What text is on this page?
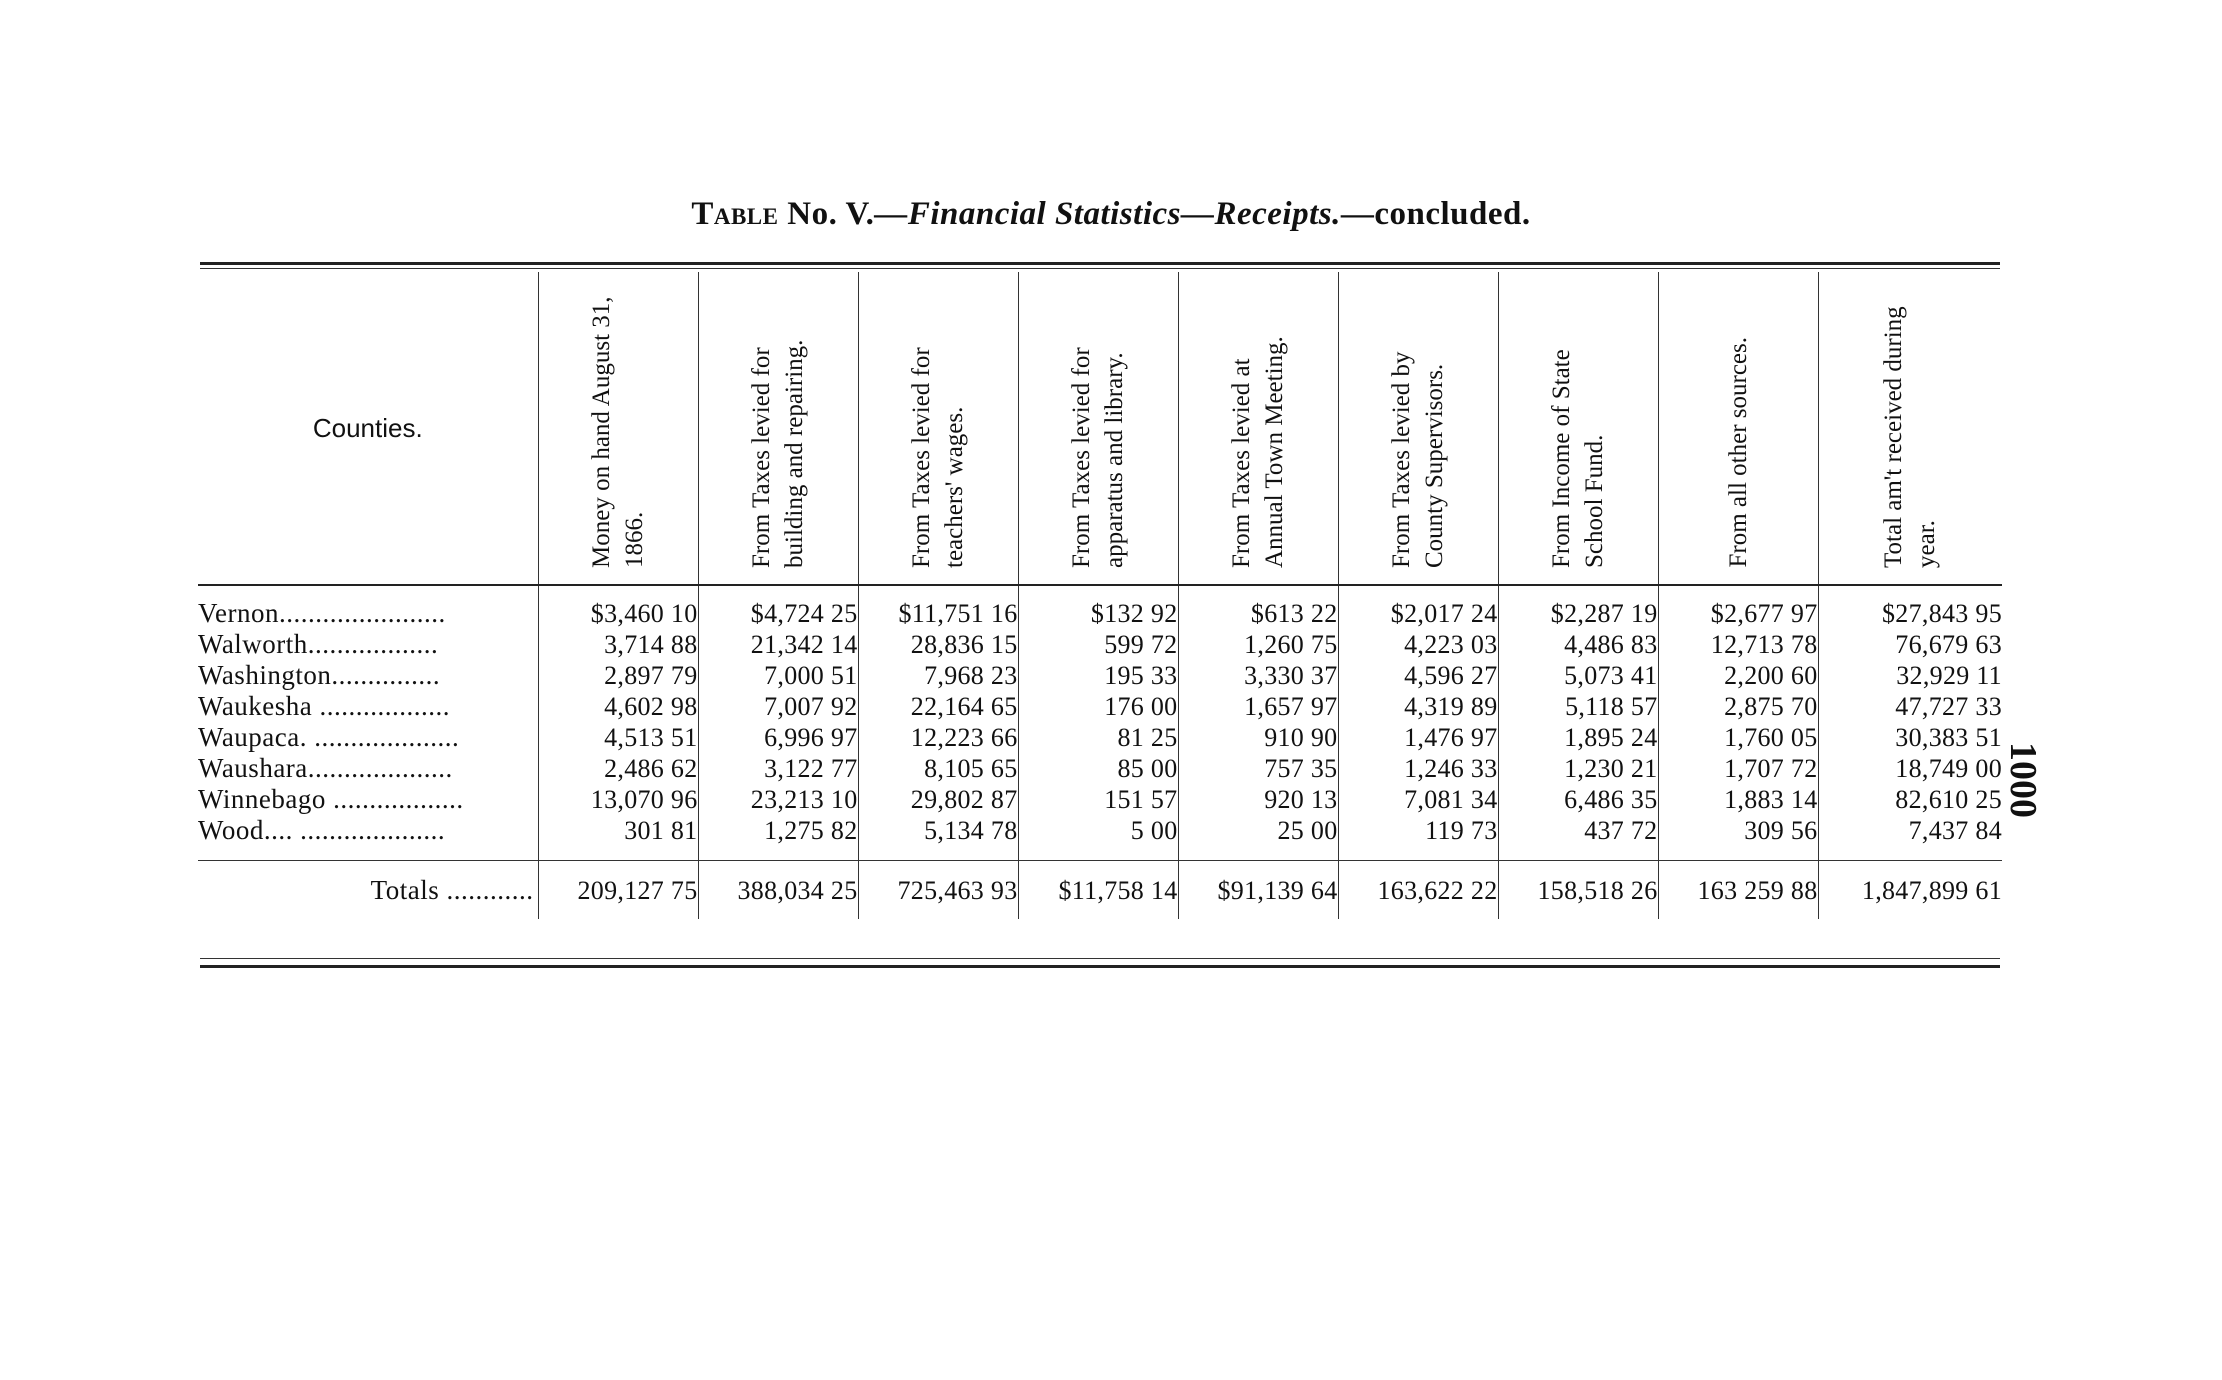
Table No. V.—Financial Statistics—Receipts.—concluded.
1000
Counties.	Money on hand August 31, 1866.	From Taxes levied for building and repairing.	From Taxes levied for teachers' wages.	From Taxes levied for apparatus and library.	From Taxes levied at Annual Town Meeting.	From Taxes levied by County Supervisors.	From Income of State School Fund.	From all other sources.	Total am't received during year.

Vernon.......................	$3,460 10	$4,724 25	$11,751 16	$132 92	$613 22	$2,017 24	$2,287 19	$2,677 97	$27,843 95
Walworth..................	3,714 88	21,342 14	28,836 15	599 72	1,260 75	4,223 03	4,486 83	12,713 78	76,679 63
Washington...............	2,897 79	7,000 51	7,968 23	195 33	3,330 37	4,596 27	5,073 41	2,200 60	32,929 11
Waukesha ..................	4,602 98	7,007 92	22,164 65	176 00	1,657 97	4,319 89	5,118 57	2,875 70	47,727 33
Waupaca. ....................	4,513 51	6,996 97	12,223 66	81 25	910 90	1,476 97	1,895 24	1,760 05	30,383 51
Waushara....................	2,486 62	3,122 77	8,105 65	85 00	757 35	1,246 33	1,230 21	1,707 72	18,749 00
Winnebago ..................	13,070 96	23,213 10	29,802 87	151 57	920 13	7,081 34	6,486 35	1,883 14	82,610 25
Wood.... ....................	301 81	1,275 82	5,134 78	5 00	25 00	119 73	437 72	309 56	7,437 84
Totals ............	209,127 75	388,034 25	725,463 93	$11,758 14	$91,139 64	163,622 22	158,518 26	163 259 88	1,847,899 61
